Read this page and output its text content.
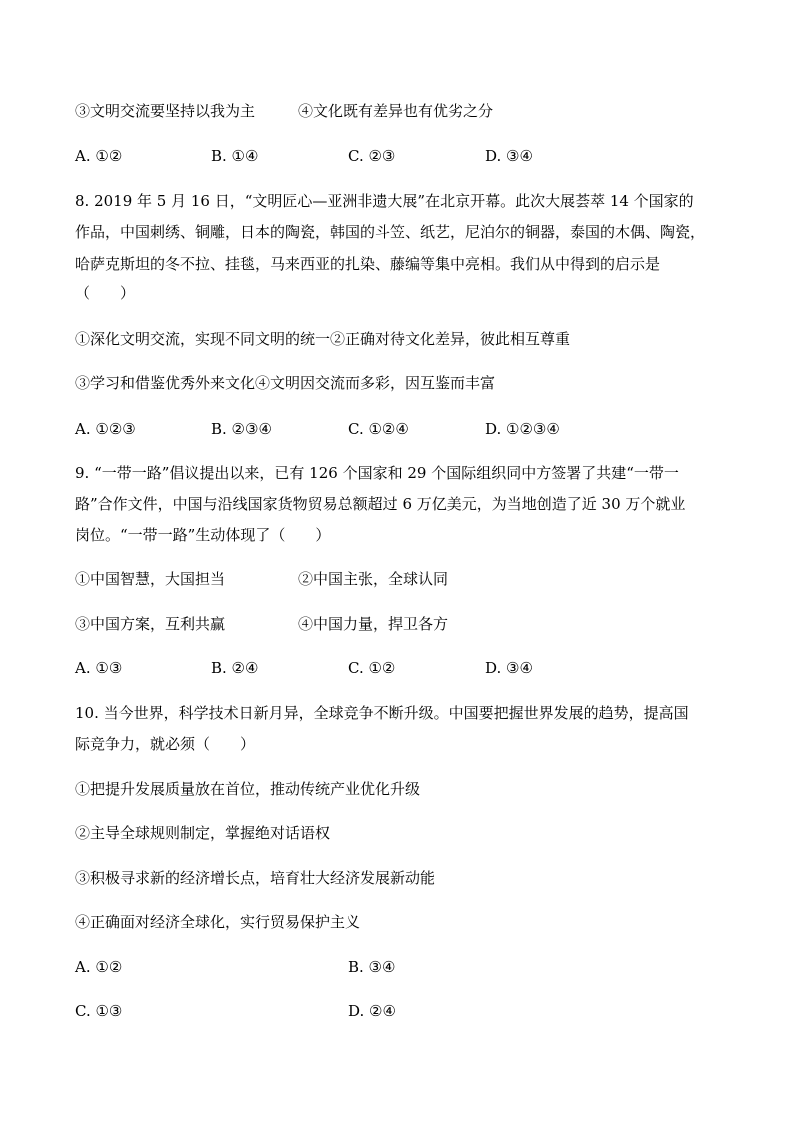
③文明交流要坚持以我为主	④文化既有差异也有优劣之分
A. ①②	B. ①④	C. ②③	D. ③④
8. 2019 年 5 月 16 日，“文明匠心—亚洲非遗大展”在北京开幕。此次大展荟萃 14 个国家的
作品，中国刺绣、铜雕，日本的陶瓷，韩国的斗笠、纸艺，尼泊尔的铜器，泰国的木偶、陶瓷，
哈萨克斯坦的冬不拉、挂毯，马来西亚的扎染、藤编等集中亮相。我们从中得到的启示是
（　　）
①深化文明交流，实现不同文明的统一②正确对待文化差异，彼此相互尊重
③学习和借鉴优秀外来文化④文明因交流而多彩，因互鉴而丰富
A. ①②③	B. ②③④	C. ①②④	D. ①②③④
9. “一带一路”倡议提出以来，已有 126 个国家和 29 个国际组织同中方签署了共建“一带一
路”合作文件，中国与沿线国家货物贸易总额超过 6 万亿美元，为当地创造了近 30 万个就业
岗位。“一带一路”生动体现了（　　）
①中国智慧，大国担当	②中国主张，全球认同
③中国方案，互利共赢	④中国力量，捍卫各方
A. ①③	B. ②④	C. ①②	D. ③④
10. 当今世界，科学技术日新月异，全球竞争不断升级。中国要把握世界发展的趋势，提高国
际竞争力，就必须（　　）
①把提升发展质量放在首位，推动传统产业优化升级
②主导全球规则制定，掌握绝对话语权
③积极寻求新的经济增长点，培育壮大经济发展新动能
④正确面对经济全球化，实行贸易保护主义
A. ①②	B. ③④
C. ①③	D. ②④
